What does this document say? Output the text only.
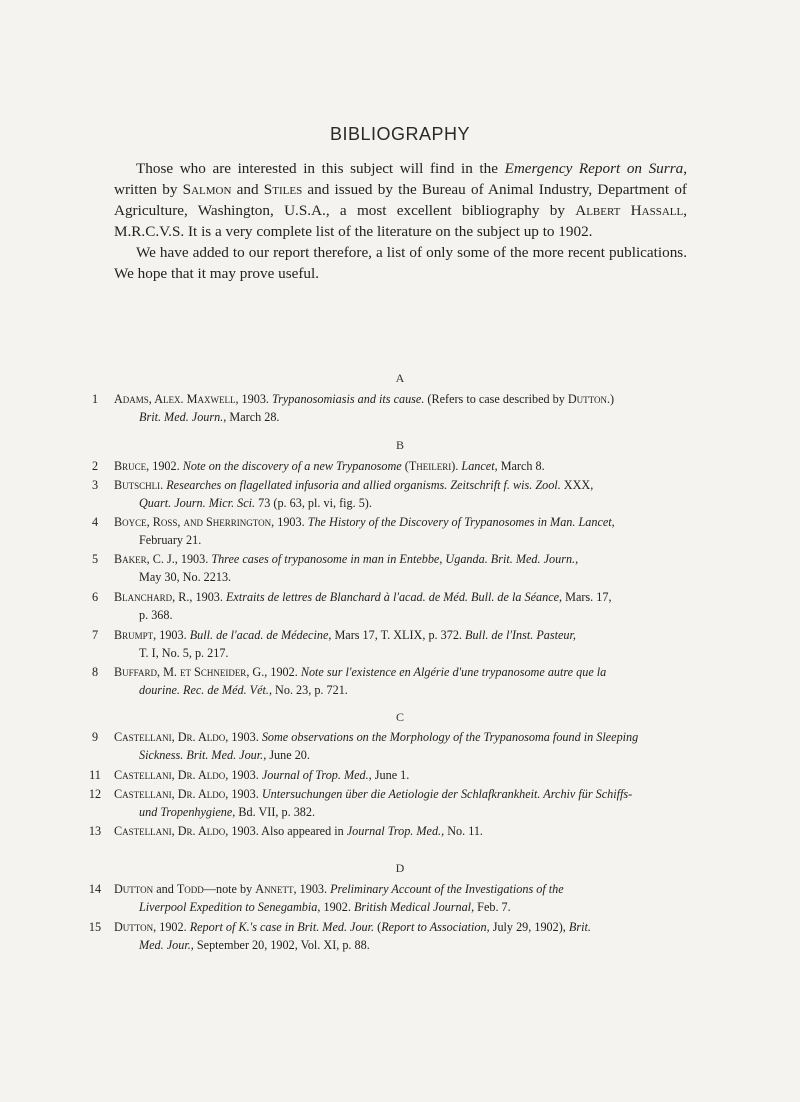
BIBLIOGRAPHY

Those who are interested in this subject will find in the Emergency Report on Surra, written by Salmon and Stiles and issued by the Bureau of Animal Industry, Department of Agriculture, Washington, U.S.A., a most excellent bibliography by Albert Hassall, M.R.C.V.S. It is a very complete list of the literature on the subject up to 1902.

We have added to our report therefore, a list of only some of the more recent publications. We hope that it may prove useful.

A
1	Adams, Alex. Maxwell, 1903. Trypanosomiasis and its cause. (Refers to case described by Dutton.)
Brit. Med. Journ., March 28.
B
2	Bruce, 1902. Note on the discovery of a new Trypanosome (Theileri). Lancet, March 8.
3	Butschli. Researches on flagellated infusoria and allied organisms. Zeitschrift f. wis. Zool. XXX,
Quart. Journ. Micr. Sci. 73 (p. 63, pl. vi, fig. 5).
4	Boyce, Ross, and Sherrington, 1903. The History of the Discovery of Trypanosomes in Man. Lancet,
February 21.
5	Baker, C. J., 1903. Three cases of trypanosome in man in Entebbe, Uganda. Brit. Med. Journ.,
May 30, No. 2213.
6	Blanchard, R., 1903. Extraits de lettres de Blanchard à l'acad. de Méd. Bull. de la Séance, Mars. 17,
p. 368.
7	Brumpt, 1903. Bull. de l'acad. de Médecine, Mars 17, T. XLIX, p. 372. Bull. de l'Inst. Pasteur,
T. I, No. 5, p. 217.
8	Buffard, M. et Schneider, G., 1902. Note sur l'existence en Algérie d'une trypanosome autre que la
dourine. Rec. de Méd. Vét., No. 23, p. 721.
C
9	Castellani, Dr. Aldo, 1903. Some observations on the Morphology of the Trypanosoma found in Sleeping
Sickness. Brit. Med. Jour., June 20.
11	Castellani, Dr. Aldo, 1903. Journal of Trop. Med., June 1.
12	Castellani, Dr. Aldo, 1903. Untersuchungen über die Aetiologie der Schlafkrankheit. Archiv für Schiffs-
und Tropenhygiene, Bd. VII, p. 382.
13	Castellani, Dr. Aldo, 1903. Also appeared in Journal Trop. Med., No. 11.
D
14	Dutton and Todd—note by Annett, 1903. Preliminary Account of the Investigations of the
Liverpool Expedition to Senegambia, 1902. British Medical Journal, Feb. 7.
15	Dutton, 1902. Report of K.'s case in Brit. Med. Jour. (Report to Association, July 29, 1902), Brit.
Med. Jour., September 20, 1902, Vol. XI, p. 88.
